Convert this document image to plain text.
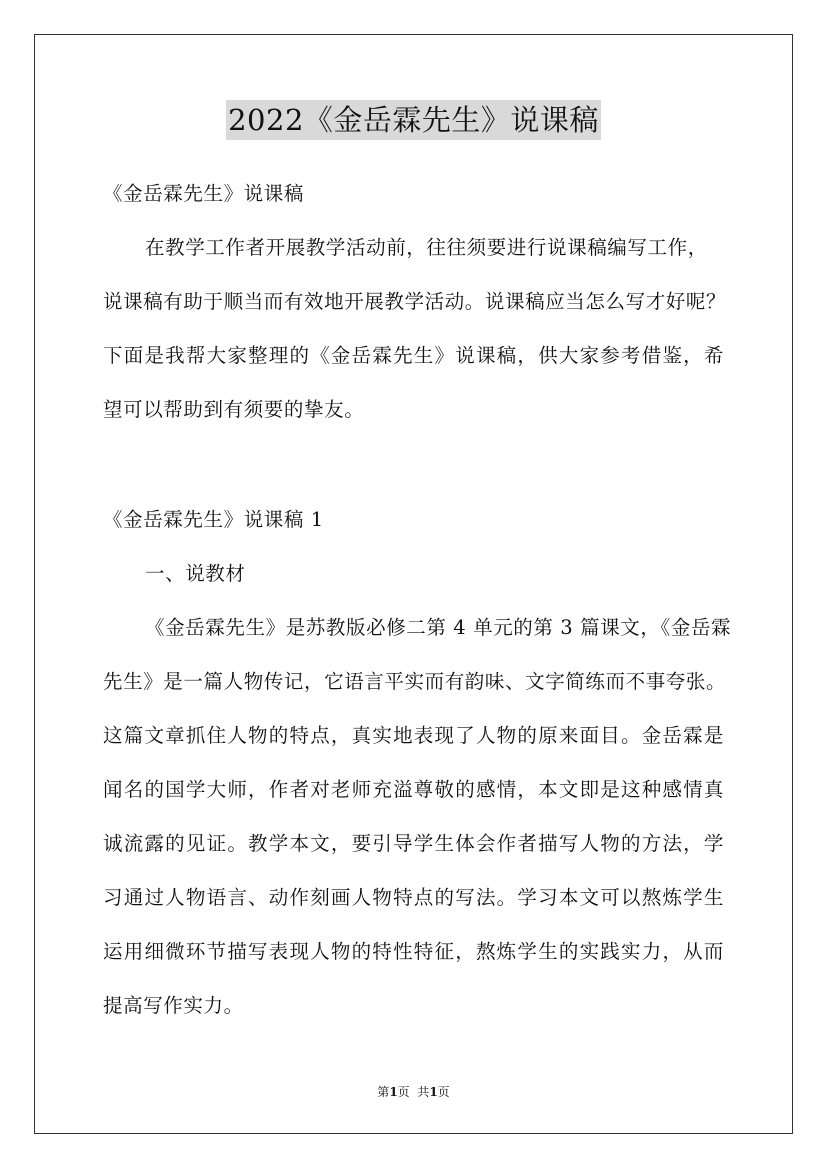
2022《金岳霖先生》说课稿
《金岳霖先生》说课稿
在教学工作者开展教学活动前，往往须要进行说课稿编写工作，
说课稿有助于顺当而有效地开展教学活动。说课稿应当怎么写才好呢？
下面是我帮大家整理的《金岳霖先生》说课稿，供大家参考借鉴，希
望可以帮助到有须要的挚友。
《金岳霖先生》说课稿 1
一、说教材
《金岳霖先生》是苏教版必修二第 4 单元的第 3 篇课文，《金岳霖
先生》是一篇人物传记，它语言平实而有韵味、文字简练而不事夸张。
这篇文章抓住人物的特点，真实地表现了人物的原来面目。金岳霖是
闻名的国学大师，作者对老师充溢尊敬的感情，本文即是这种感情真
诚流露的见证。教学本文，要引导学生体会作者描写人物的方法，学
习通过人物语言、动作刻画人物特点的写法。学习本文可以熬炼学生
运用细微环节描写表现人物的特性特征，熬炼学生的实践实力，从而
提高写作实力。
第1页  共1页
